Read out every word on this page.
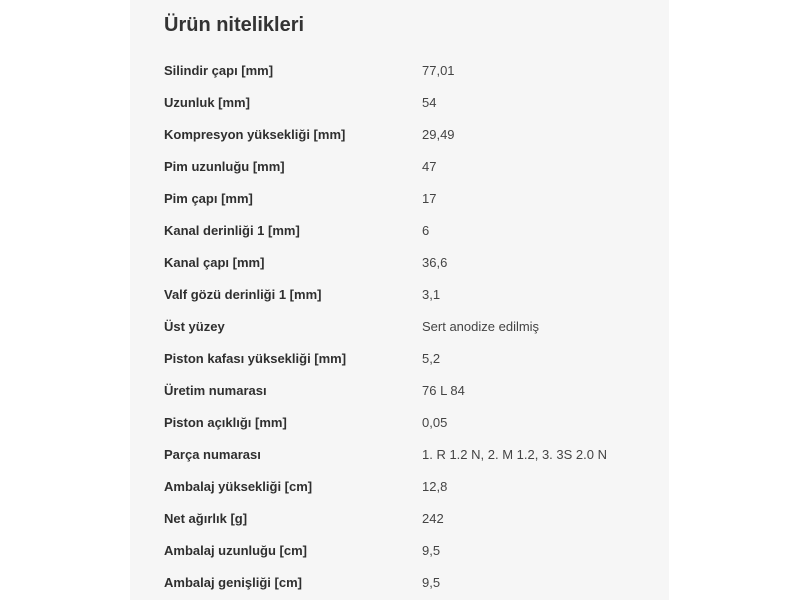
Ürün nitelikleri
Silindir çapı [mm]	77,01
Uzunluk [mm]	54
Kompresyon yüksekliği [mm]	29,49
Pim uzunluğu [mm]	47
Pim çapı [mm]	17
Kanal derinliği 1 [mm]	6
Kanal çapı [mm]	36,6
Valf gözü derinliği 1 [mm]	3,1
Üst yüzey	Sert anodize edilmiş
Piston kafası yüksekliği [mm]	5,2
Üretim numarası	76 L 84
Piston açıklığı [mm]	0,05
Parça numarası	1. R 1.2 N, 2. M 1.2, 3. 3S 2.0 N
Ambalaj yüksekliği [cm]	12,8
Net ağırlık [g]	242
Ambalaj uzunluğu [cm]	9,5
Ambalaj genişliği [cm]	9,5
